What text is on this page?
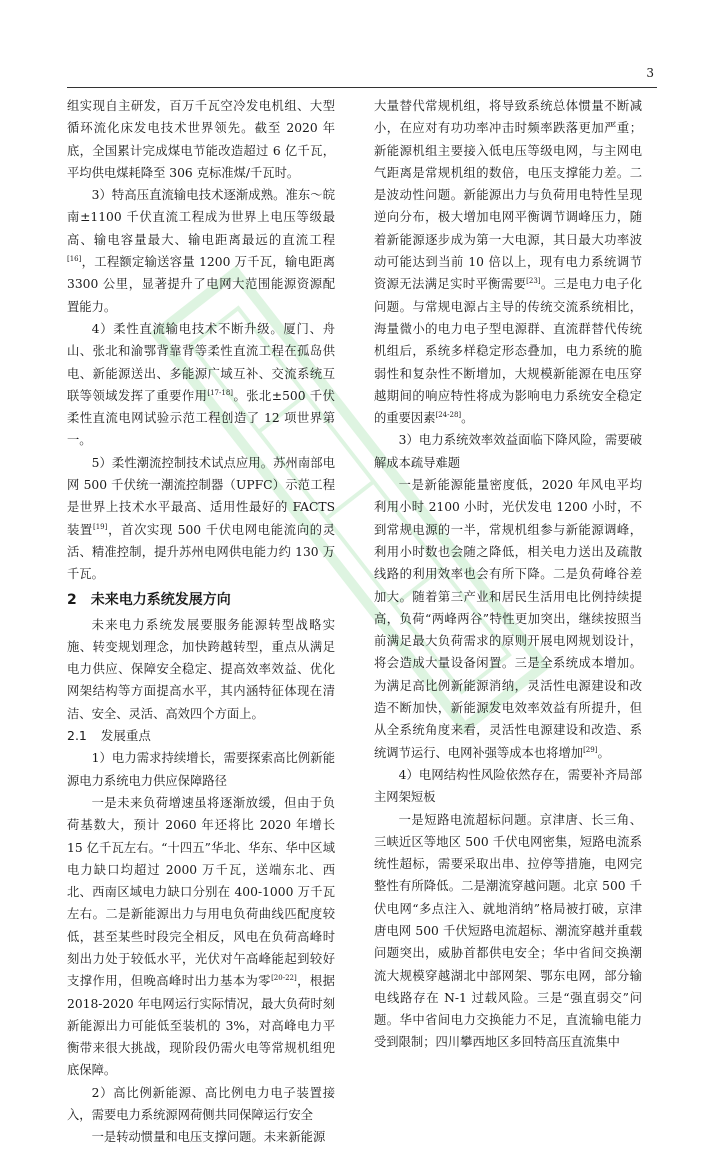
3

组实现自主研发，百万千瓦空冷发电机组、大型循环流化床发电技术世界领先。截至 2020 年底，全国累计完成煤电节能改造超过 6 亿千瓦，平均供电煤耗降至 306 克标准煤/千瓦时。

3）特高压直流输电技术逐渐成熟。准东～皖南±1100 千伏直流工程成为世界上电压等级最高、输电容量最大、输电距离最远的直流工程[16]，工程额定输送容量 1200 万千瓦，输电距离 3300 公里，显著提升了电网大范围能源资源配置能力。

4）柔性直流输电技术不断升级。厦门、舟山、张北和渝鄂背靠背等柔性直流工程在孤岛供电、新能源送出、多能源广域互补、交流系统互联等领域发挥了重要作用[17-18]。张北±500 千伏柔性直流电网试验示范工程创造了 12 项世界第一。

5）柔性潮流控制技术试点应用。苏州南部电网 500 千伏统一潮流控制器（UPFC）示范工程是世界上技术水平最高、适用性最好的 FACTS 装置[19]，首次实现 500 千伏电网电能流向的灵活、精准控制，提升苏州电网供电能力约 130 万千瓦。

2 未来电力系统发展方向

未来电力系统发展要服务能源转型战略实施、转变规划理念，加快跨越转型，重点从满足电力供应、保障安全稳定、提高效率效益、优化网架结构等方面提高水平，其内涵特征体现在清洁、安全、灵活、高效四个方面上。

2.1 发展重点

1）电力需求持续增长，需要探索高比例新能源电力系统电力供应保障路径

一是未来负荷增速虽将逐渐放缓，但由于负荷基数大，预计 2060 年还将比 2020 年增长 15 亿千瓦左右。“十四五”华北、华东、华中区域电力缺口均超过 2000 万千瓦，送端东北、西北、西南区域电力缺口分别在 400-1000 万千瓦左右。二是新能源出力与用电负荷曲线匹配度较低，甚至某些时段完全相反，风电在负荷高峰时刻出力处于较低水平，光伏对午高峰能起到较好支撑作用，但晚高峰时出力基本为零[20-22]，根据 2018-2020 年电网运行实际情况，最大负荷时刻新能源出力可能低至装机的 3%，对高峰电力平衡带来很大挑战，现阶段仍需火电等常规机组兜底保障。

2）高比例新能源、高比例电力电子装置接入，需要电力系统源网荷侧共同保障运行安全

一是转动惯量和电压支撑问题。未来新能源

大量替代常规机组，将导致系统总体惯量不断减小，在应对有功功率冲击时频率跌落更加严重；新能源机组主要接入低电压等级电网，与主网电气距离是常规机组的数倍，电压支撑能力差。二是波动性问题。新能源出力与负荷用电特性呈现逆向分布，极大增加电网平衡调节调峰压力，随着新能源逐步成为第一大电源，其日最大功率波动可能达到当前 10 倍以上，现有电力系统调节资源无法满足实时平衡需要[23]。三是电力电子化问题。与常规电源占主导的传统交流系统相比，海量微小的电力电子型电源群、直流群替代传统机组后，系统多样稳定形态叠加，电力系统的脆弱性和复杂性不断增加，大规模新能源在电压穿越期间的响应特性将成为影响电力系统安全稳定的重要因素[24-28]。

3）电力系统效率效益面临下降风险，需要破解成本疏导难题

一是新能源能量密度低，2020 年风电平均利用小时 2100 小时，光伏发电 1200 小时，不到常规电源的一半，常规机组参与新能源调峰，利用小时数也会随之降低，相关电力送出及疏散线路的利用效率也会有所下降。二是负荷峰谷差加大。随着第三产业和居民生活用电比例持续提高，负荷“两峰两谷”特性更加突出，继续按照当前满足最大负荷需求的原则开展电网规划设计，将会造成大量设备闲置。三是全系统成本增加。为满足高比例新能源消纳，灵活性电源建设和改造不断加快，新能源发电效率效益有所提升，但从全系统角度来看，灵活性电源建设和改造、系统调节运行、电网补强等成本也将增加[29]。

4）电网结构性风险依然存在，需要补齐局部主网架短板

一是短路电流超标问题。京津唐、长三角、三峡近区等地区 500 千伏电网密集，短路电流系统性超标，需要采取出串、拉停等措施，电网完整性有所降低。二是潮流穿越问题。北京 500 千伏电网“多点注入、就地消纳”格局被打破，京津唐电网 500 千伏短路电流超标、潮流穿越并重载问题突出，威胁首都供电安全；华中省间交换潮流大规模穿越湖北中部网架、鄂东电网，部分输电线路存在 N-1 过载风险。三是“强直弱交”问题。华中省间电力交换能力不足，直流输电能力受到限制；四川攀西地区多回特高压直流集中
